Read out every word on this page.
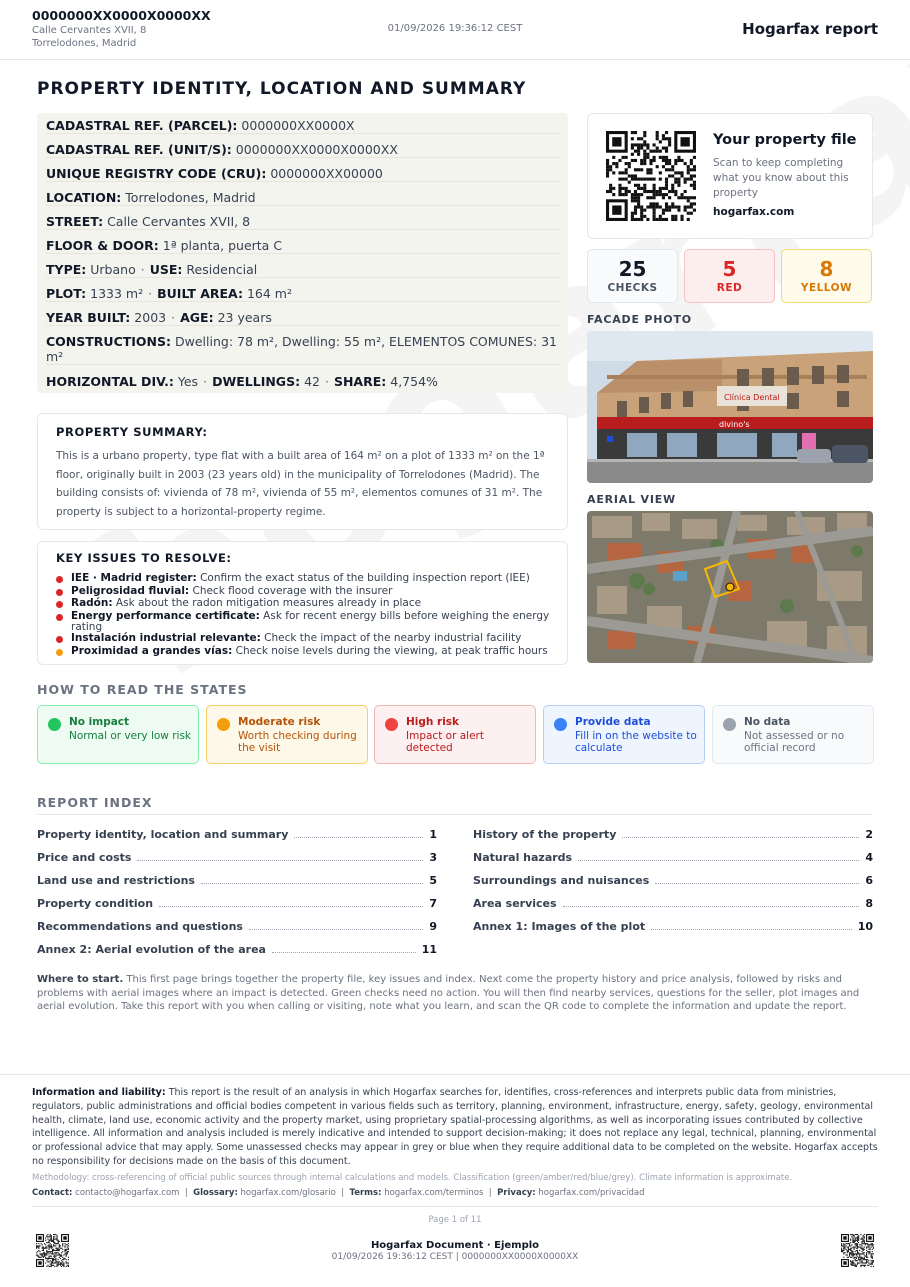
0000000XX0000X0000XX
Calle Cervantes XVII, 8
Torrelodones, Madrid
01/09/2026 19:36:12 CEST	Hogarfax report
PROPERTY IDENTITY, LOCATION AND SUMMARY
CADASTRAL REF. (PARCEL): 0000000XX0000X
CADASTRAL REF. (UNIT/S): 0000000XX0000X0000XX
UNIQUE REGISTRY CODE (CRU): 0000000XX00000
LOCATION: Torrelodones, Madrid
STREET: Calle Cervantes XVII, 8
FLOOR & DOOR: 1ª planta, puerta C
TYPE: Urbano · USE: Residencial
PLOT: 1333 m² · BUILT AREA: 164 m²
YEAR BUILT: 2003 · AGE: 23 years
CONSTRUCTIONS: Dwelling: 78 m², Dwelling: 55 m², ELEMENTOS COMUNES: 31 m²
HORIZONTAL DIV.: Yes · DWELLINGS: 42 · SHARE: 4,754%
Your property file
Scan to keep completing what you know about this property
hogarfax.com
25
CHECKS
5
RED
8
YELLOW
FACADE PHOTO
Clínica Dental
divino's
AERIAL VIEW
PROPERTY SUMMARY:
This is a urbano property, type flat with a built area of 164 m² on a plot of 1333 m² on the 1ª floor, originally built in 2003 (23 years old) in the municipality of Torrelodones (Madrid). The building consists of: vivienda of 78 m², vivienda of 55 m², elementos comunes of 31 m². The property is subject to a horizontal-property regime.
KEY ISSUES TO RESOLVE:
IEE · Madrid register: Confirm the exact status of the building inspection report (IEE)
Peligrosidad fluvial: Check flood coverage with the insurer
Radón: Ask about the radon mitigation measures already in place
Energy performance certificate: Ask for recent energy bills before weighing the energy rating
Instalación industrial relevante: Check the impact of the nearby industrial facility
Proximidad a grandes vías: Check noise levels during the viewing, at peak traffic hours
HOW TO READ THE STATES
No impact
Normal or very low risk
Moderate risk
Worth checking during the visit
High risk
Impact or alert detected
Provide data
Fill in on the website to calculate
No data
Not assessed or no official record
REPORT INDEX
Property identity, location and summary	1
Price and costs	3
Land use and restrictions	5
Property condition	7
Recommendations and questions	9
Annex 2: Aerial evolution of the area	11
History of the property	2
Natural hazards	4
Surroundings and nuisances	6
Area services	8
Annex 1: Images of the plot	10
Where to start. This first page brings together the property file, key issues and index. Next come the property history and price analysis, followed by risks and problems with aerial images where an impact is detected. Green checks need no action. You will then find nearby services, questions for the seller, plot images and aerial evolution. Take this report with you when calling or visiting, note what you learn, and scan the QR code to complete the information and update the report.
Information and liability: This report is the result of an analysis in which Hogarfax searches for, identifies, cross-references and interprets public data from ministries, regulators, public administrations and official bodies competent in various fields such as territory, planning, environment, infrastructure, energy, safety, geology, environmental health, climate, land use, economic activity and the property market, using proprietary spatial-processing algorithms, as well as incorporating issues contributed by collective intelligence. All information and analysis included is merely indicative and intended to support decision-making; it does not replace any legal, technical, planning, environmental or professional advice that may apply. Some unassessed checks may appear in grey or blue when they require additional data to be completed on the website. Hogarfax accepts no responsibility for decisions made on the basis of this document.
Methodology: cross-referencing of official public sources through internal calculations and models. Classification (green/amber/red/blue/grey). Climate information is approximate.
Contact: contacto@hogarfax.com | Glossary: hogarfax.com/glosario | Terms: hogarfax.com/terminos | Privacy: hogarfax.com/privacidad
Page 1 of 11
Hogarfax Document · Ejemplo
01/09/2026 19:36:12 CEST | 0000000XX0000X0000XX
